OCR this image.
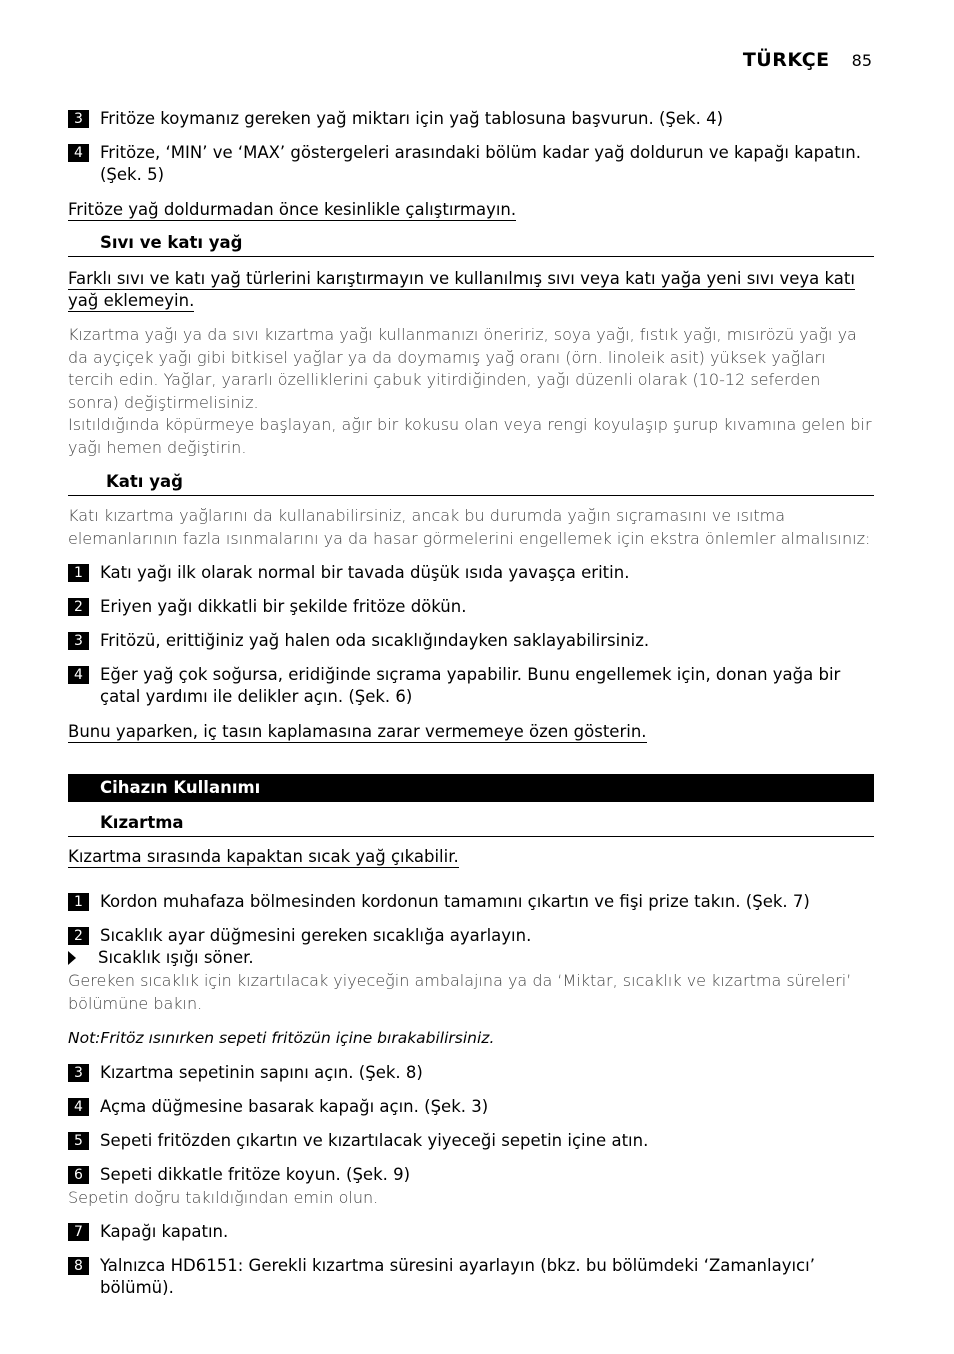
TÜRKÇE 85
3	Fritöze koymanız gereken yağ miktarı için yağ tablosuna başvurun. (Şek. 4)
4	Fritöze, ‘MIN’ ve ‘MAX’ göstergeleri arasındaki bölüm kadar yağ doldurun ve kapağı kapatın. (Şek. 5)
Fritöze yağ doldurmadan önce kesinlikle çalıştırmayın.
Sıvı ve katı yağ
Farklı sıvı ve katı yağ türlerini karıştırmayın ve kullanılmış sıvı veya katı yağa yeni sıvı veya katı yağ eklemeyin.
Kızartma yağı ya da sıvı kızartma yağı kullanmanızı öneririz, soya yağı, fıstık yağı, mısırözü yağı ya da ayçiçek yağı gibi bitkisel yağlar ya da doymamış yağ oranı (örn. linoleik asit) yüksek yağları tercih edin. Yağlar, yararlı özelliklerini çabuk yitirdiğinden, yağı düzenli olarak (10-12 seferden sonra) değiştirmelisiniz.
Isıtıldığında köpürmeye başlayan, ağır bir kokusu olan veya rengi koyulaşıp şurup kıvamına gelen bir yağı hemen değiştirin.
Katı yağ
Katı kızartma yağlarını da kullanabilirsiniz, ancak bu durumda yağın sıçramasını ve ısıtma elemanlarının fazla ısınmalarını ya da hasar görmelerini engellemek için ekstra önlemler almalısınız:
1	Katı yağı ilk olarak normal bir tavada düşük ısıda yavaşça eritin.
2	Eriyen yağı dikkatli bir şekilde fritöze dökün.
3	Fritözü, erittiğiniz yağ halen oda sıcaklığındayken saklayabilirsiniz.
4	Eğer yağ çok soğursa, eridiğinde sıçrama yapabilir. Bunu engellemek için, donan yağa bir çatal yardımı ile delikler açın. (Şek. 6)
Bunu yaparken, iç tasın kaplamasına zarar vermemeye özen gösterin.
Cihazın Kullanımı
Kızartma
Kızartma sırasında kapaktan sıcak yağ çıkabilir.
1	Kordon muhafaza bölmesinden kordonun tamamını çıkartın ve fişi prize takın. (Şek. 7)
2	Sıcaklık ayar düğmesini gereken sıcaklığa ayarlayın.
Sıcaklık ışığı söner.
Gereken sıcaklık için kızartılacak yiyeceğin ambalajına ya da ‘Miktar, sıcaklık ve kızartma süreleri’ bölümüne bakın.
Not:Fritöz ısınırken sepeti fritözün içine bırakabilirsiniz.
3	Kızartma sepetinin sapını açın. (Şek. 8)
4	Açma düğmesine basarak kapağı açın. (Şek. 3)
5	Sepeti fritözden çıkartın ve kızartılacak yiyeceği sepetin içine atın.
6	Sepeti dikkatle fritöze koyun. (Şek. 9)
Sepetin doğru takıldığından emin olun.
7	Kapağı kapatın.
8	Yalnızca HD6151: Gerekli kızartma süresini ayarlayın (bkz. bu bölümdeki ‘Zamanlayıcı’ bölümü).
